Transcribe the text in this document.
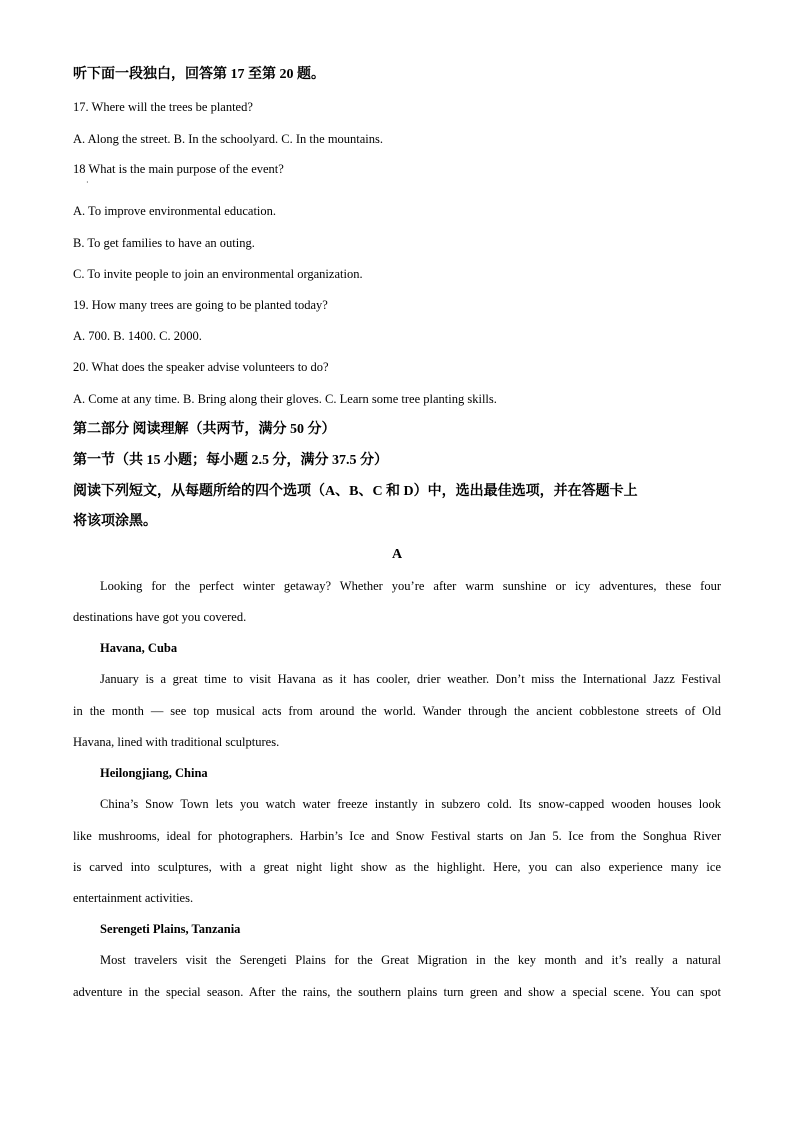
听下面一段独白，回答第 17 至第 20 题。
17. Where will the trees be planted?
A. Along the street. B. In the schoolyard. C. In the mountains.
18 What is the main purpose of the event?
·
A. To improve environmental education.
B. To get families to have an outing.
C. To invite people to join an environmental organization.
19. How many trees are going to be planted today?
A. 700. B. 1400. C. 2000.
20. What does the speaker advise volunteers to do?
A. Come at any time. B. Bring along their gloves. C. Learn some tree planting skills.
第二部分 阅读理解（共两节，满分 50 分）
第一节（共 15 小题；每小题 2.5 分，满分 37.5 分）
阅读下列短文，从每题所给的四个选项（A、B、C 和 D）中，选出最佳选项，并在答题卡上
将该项涂黑。
A
Looking for the perfect winter getaway? Whether you’re after warm sunshine or icy adventures, these four
destinations have got you covered.
Havana, Cuba
January is a great time to visit Havana as it has cooler, drier weather. Don’t miss the International Jazz Festival
in the month — see top musical acts from around the world. Wander through the ancient cobblestone streets of Old
Havana, lined with traditional sculptures.
Heilongjiang, China
China’s Snow Town lets you watch water freeze instantly in subzero cold. Its snow-capped wooden houses look
like mushrooms, ideal for photographers. Harbin’s Ice and Snow Festival starts on Jan 5. Ice from the Songhua River
is carved into sculptures, with a great night light show as the highlight. Here, you can also experience many ice
entertainment activities.
Serengeti Plains, Tanzania
Most travelers visit the Serengeti Plains for the Great Migration in the key month and it’s really a natural
adventure in the special season. After the rains, the southern plains turn green and show a special scene. You can spot
